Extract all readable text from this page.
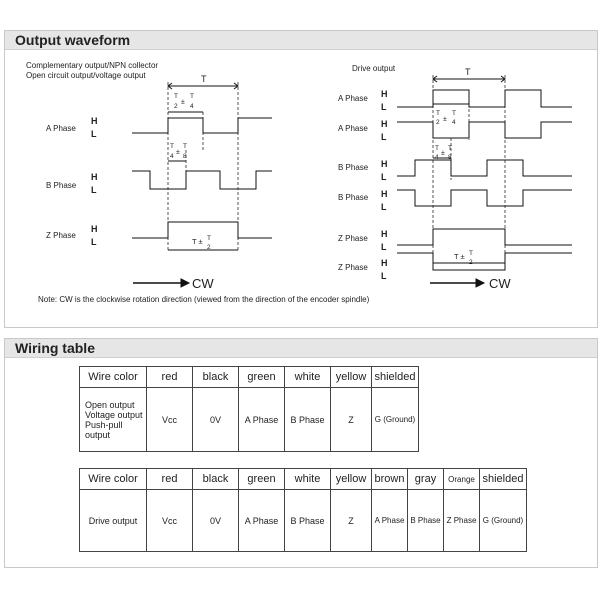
Output waveform
Complementary output/NPN collector
Open circuit output/voltage output
Drive output
T
T
2
±
T
4
T
4
±
T
8
T ± T
2
A Phase
B Phase
Z Phase
H
L
H
L
H
L
CW
T
T
2 ±
T
4
T
4
±
T
8
T ± T
2
A Phase
A Phase
B Phase
B Phase
Z Phase
Z Phase
H
L
H
L
H
L
H
L
H
L
H
L	CW
Note: CW is the clockwise rotation direction (viewed from the direction of the encoder spindle)
Wiring table
Wire color	red	black	green	white	yellow	shielded

Open output
Voltage output
Push-pull output	Vcc	0V	A Phase	B Phase	Z	G (Ground)
Wire color	red	black	green	white	yellow	brown	gray	Orange	shielded
Drive output	Vcc	0V	A Phase	B Phase	Z	A Phase	B Phase	Z Phase	G (Ground)
